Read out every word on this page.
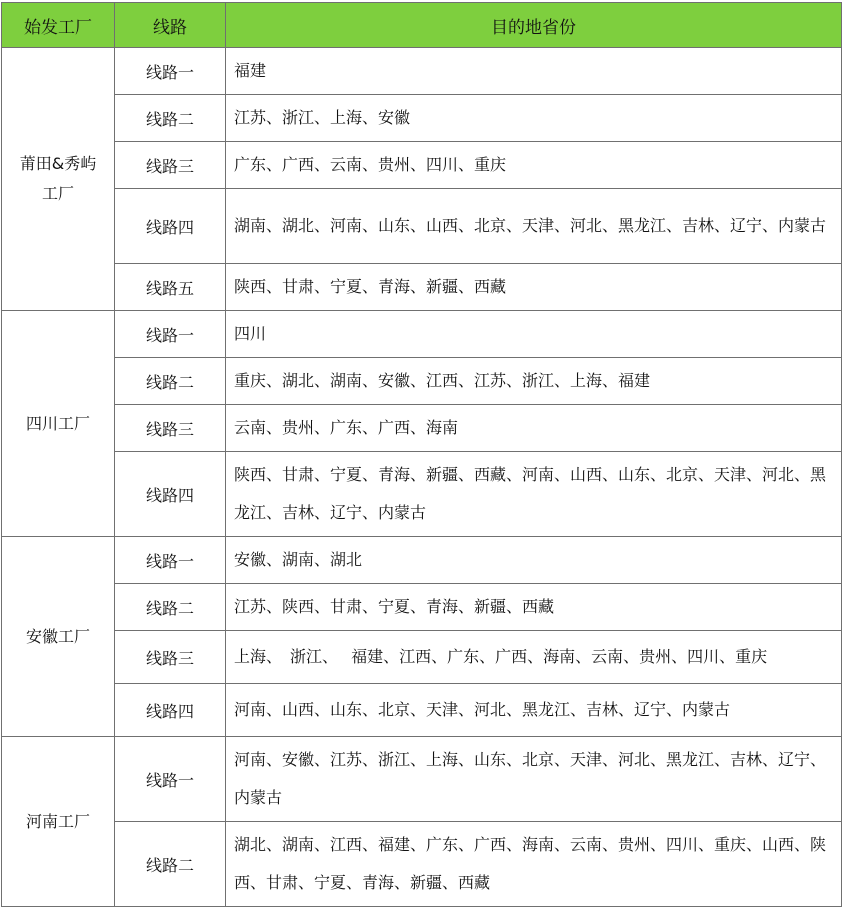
始发工厂	线路	目的地省份
莆田&秀屿工厂	线路一	福建
	线路二	江苏、浙江、上海、安徽
	线路三	广东、广西、云南、贵州、四川、重庆
	线路四	湖南、湖北、河南、山东、山西、北京、天津、河北、黑龙江、吉林、辽宁、内蒙古
	线路五	陕西、甘肃、宁夏、青海、新疆、西藏
四川工厂	线路一	四川
	线路二	重庆、湖北、湖南、安徽、江西、江苏、浙江、上海、福建
	线路三	云南、贵州、广东、广西、海南
	线路四	陕西、甘肃、宁夏、青海、新疆、西藏、河南、山西、山东、北京、天津、河北、黑龙江、吉林、辽宁、内蒙古
安徽工厂	线路一	安徽、湖南、湖北
	线路二	江苏、陕西、甘肃、宁夏、青海、新疆、西藏
	线路三	上海、　浙江、　 福建、江西、广东、广西、海南、云南、贵州、四川、重庆
	线路四	河南、山西、山东、北京、天津、河北、黑龙江、吉林、辽宁、内蒙古
河南工厂	线路一	河南、安徽、江苏、浙江、上海、山东、北京、天津、河北、黑龙江、吉林、辽宁、内蒙古
	线路二	湖北、湖南、江西、福建、广东、广西、海南、云南、贵州、四川、重庆、山西、陕西、甘肃、宁夏、青海、新疆、西藏
